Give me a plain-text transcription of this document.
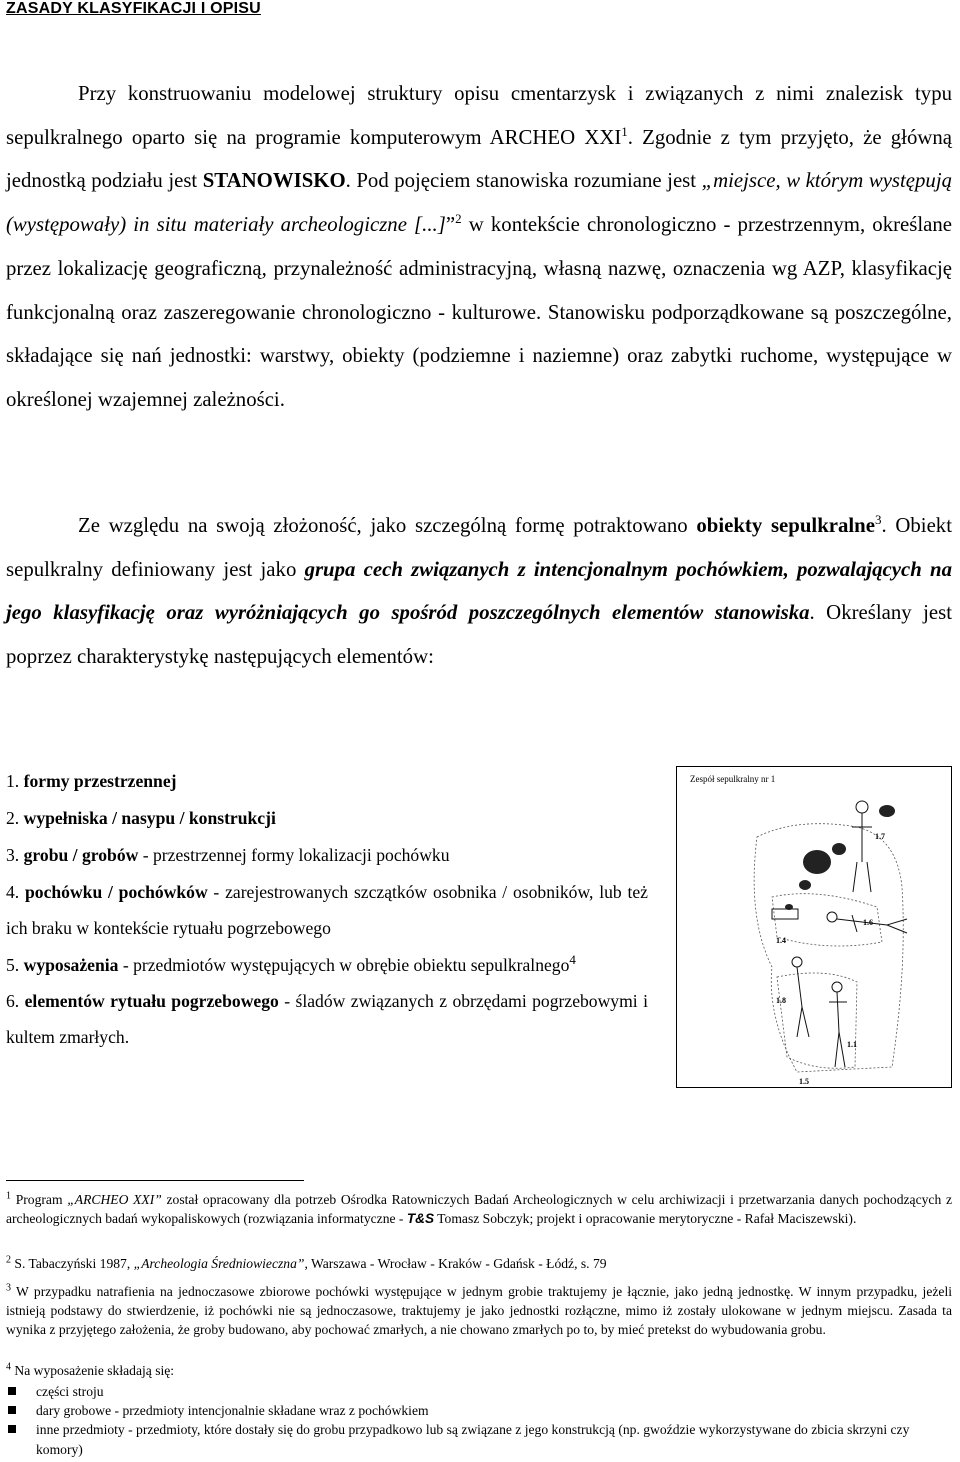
ZASADY KLASYFIKACJI I OPISU

Przy konstruowaniu modelowej struktury opisu cmentarzysk i związanych z nimi znalezisk typu sepulkralnego oparto się na programie komputerowym ARCHEO XXI$^1$. Zgodnie z tym przyjęto, że główną jednostką podziału jest STANOWISKO. Pod pojęciem stanowiska rozumiane jest „miejsce, w którym występują (występowały) in situ materiały archeologiczne [...]”$^2$ w kontekście chronologiczno - przestrzennym, określane przez lokalizację geograficzną, przynależność administracyjną, własną nazwę, oznaczenia wg AZP, klasyfikację funkcjonalną oraz zaszeregowanie chronologiczno - kulturowe. Stanowisku podporządkowane są poszczególne, składające się nań jednostki: warstwy, obiekty (podziemne i naziemne) oraz zabytki ruchome, występujące w określonej wzajemnej zależności.

Ze względu na swoją złożoność, jako szczególną formę potraktowano obiekty sepulkralne$^3$. Obiekt sepulkralny definiowany jest jako grupa cech związanych z intencjonalnym pochówkiem, pozwalających na jego klasyfikację oraz wyróżniających go spośród poszczególnych elementów stanowiska. Określany jest poprzez charakterystykę następujących elementów:

1. formy przestrzennej
2. wypełniska / nasypu / konstrukcji
3. grobu / grobów - przestrzennej formy lokalizacji pochówku
4. pochówku / pochówków - zarejestrowanych szczątków osobnika / osobników, lub też ich braku w kontekście rytuału pogrzebowego
5. wyposażenia - przedmiotów występujących w obrębie obiektu sepulkralnego$^4$
6. elementów rytuału pogrzebowego - śladów związanych z obrzędami pogrzebowymi i kultem zmarłych.
Zespół sepulkralny nr 1
1.7
1.6
1.4
1.8
1.1
1.5

$^1$ Program „ARCHEO XXI” został opracowany dla potrzeb Ośrodka Ratowniczych Badań Archeologicznych w celu archiwizacji i przetwarzania danych pochodzących z archeologicznych badań wykopaliskowych (rozwiązania informatyczne - T&S Tomasz Sobczyk; projekt i opracowanie merytoryczne - Rafał Maciszewski).

$^2$ S. Tabaczyński 1987, „Archeologia Średniowieczna”, Warszawa - Wrocław - Kraków - Gdańsk - Łódź, s. 79

$^3$ W przypadku natrafienia na jednoczasowe zbiorowe pochówki występujące w jednym grobie traktujemy je łącznie, jako jedną jednostkę. W innym przypadku, jeżeli istnieją podstawy do stwierdzenie, iż pochówki nie są jednoczasowe, traktujemy je jako jednostki rozłączne, mimo iż zostały ulokowane w jednym miejscu. Zasada ta wynika z przyjętego założenia, że groby budowano, aby pochować zmarłych, a nie chowano zmarłych po to, by mieć pretekst do wybudowania grobu.

$^4$ Na wyposażenie składają się:

części stroju
dary grobowe - przedmioty intencjonalnie składane wraz z pochówkiem
inne przedmioty - przedmioty, które dostały się do grobu przypadkowo lub są związane z jego konstrukcją (np. gwoździe wykorzystywane do zbicia skrzyni czy komory)
